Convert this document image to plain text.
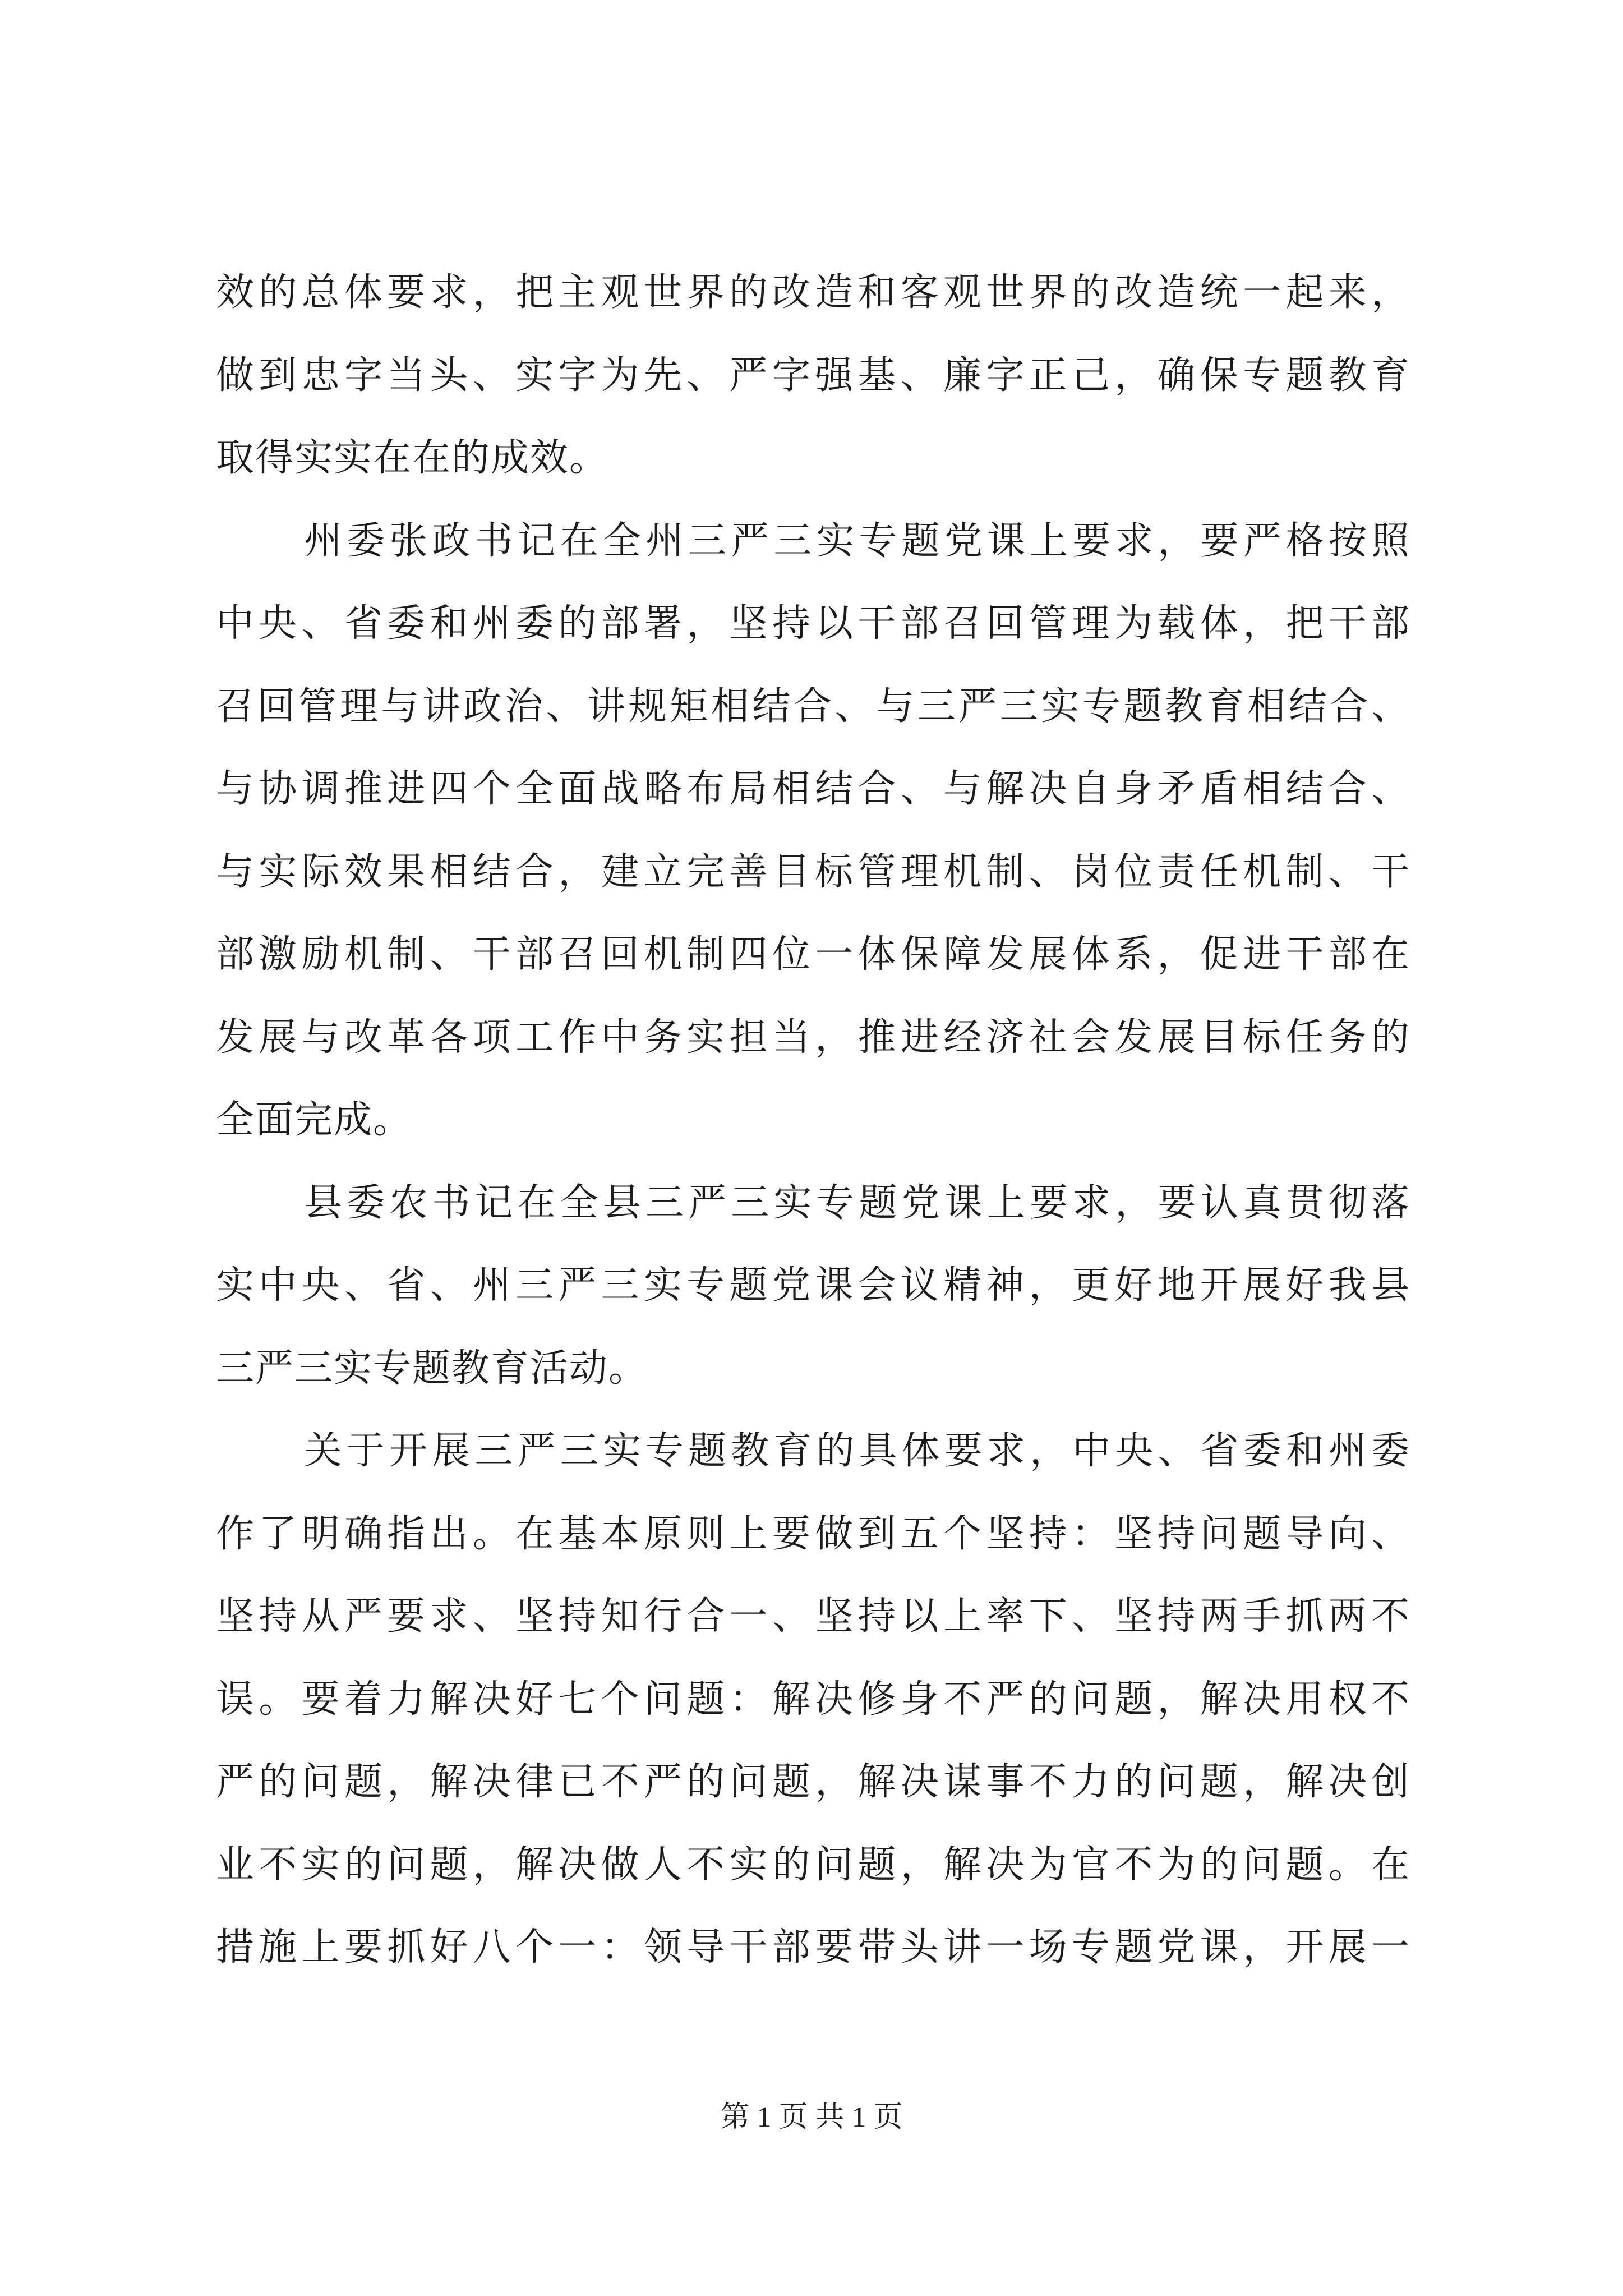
效的总体要求，把主观世界的改造和客观世界的改造统一起来，
做到忠字当头、实字为先、严字强基、廉字正己，确保专题教育
取得实实在在的成效。
州委张政书记在全州三严三实专题党课上要求，要严格按照
中央、省委和州委的部署，坚持以干部召回管理为载体，把干部
召回管理与讲政治、讲规矩相结合、与三严三实专题教育相结合、
与协调推进四个全面战略布局相结合、与解决自身矛盾相结合、
与实际效果相结合，建立完善目标管理机制、岗位责任机制、干
部激励机制、干部召回机制四位一体保障发展体系，促进干部在
发展与改革各项工作中务实担当，推进经济社会发展目标任务的
全面完成。
县委农书记在全县三严三实专题党课上要求，要认真贯彻落
实中央、省、州三严三实专题党课会议精神，更好地开展好我县
三严三实专题教育活动。
关于开展三严三实专题教育的具体要求，中央、省委和州委
作了明确指出。在基本原则上要做到五个坚持：坚持问题导向、
坚持从严要求、坚持知行合一、坚持以上率下、坚持两手抓两不
误。要着力解决好七个问题：解决修身不严的问题，解决用权不
严的问题，解决律已不严的问题，解决谋事不力的问题，解决创
业不实的问题，解决做人不实的问题，解决为官不为的问题。在
措施上要抓好八个一：领导干部要带头讲一场专题党课，开展一
第 1 页 共 1 页
